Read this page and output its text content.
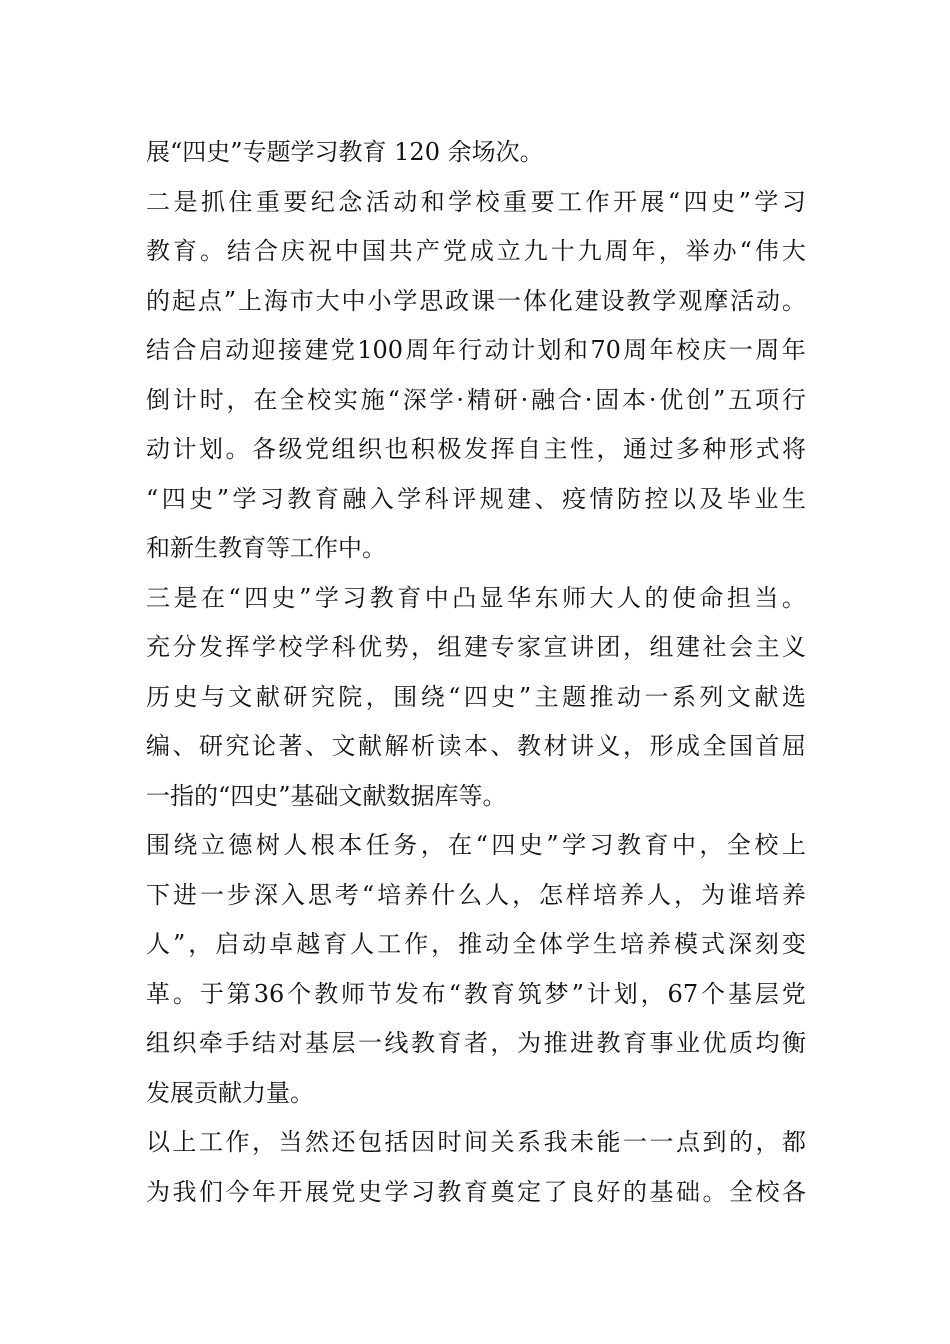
展“四史”专题学习教育 120 余场次。
二 是 抓 住 重 要 纪 念 活 动 和 学 校 重 要 工 作 开 展 “ 四 史 ” 学 习
教 育 。 结 合 庆 祝 中 国 共 产 党 成 立 九 十 九 周 年 ， 举 办 “ 伟 大
的 起 点 ” 上 海 市 大 中 小 学 思 政 课 一 体 化 建 设 教 学 观 摩 活 动 。
结 合 启 动 迎 接 建 党 100 周 年 行 动 计 划 和 70 周 年 校 庆 一 周 年
倒 计 时 ， 在 全 校 实 施 “ 深 学 · 精 研 · 融 合 · 固 本 · 优 创 ” 五 项 行
动 计 划 。 各 级 党 组 织 也 积 极 发 挥 自 主 性 ， 通 过 多 种 形 式 将
“ 四 史 ” 学 习 教 育 融 入 学 科 评 规 建 、 疫 情 防 控 以 及 毕 业 生
和新生教育等工作中。
三 是 在 “ 四 史 ” 学 习 教 育 中 凸 显 华 东 师 大 人 的 使 命 担 当 。
充 分 发 挥 学 校 学 科 优 势 ， 组 建 专 家 宣 讲 团 ， 组 建 社 会 主 义
历 史 与 文 献 研 究 院 ， 围 绕 “ 四 史 ” 主 题 推 动 一 系 列 文 献 选
编 、 研 究 论 著 、 文 献 解 析 读 本 、 教 材 讲 义 ， 形 成 全 国 首 屈
一指的“四史”基础文献数据库等。
围 绕 立 德 树 人 根 本 任 务 ， 在 “ 四 史 ” 学 习 教 育 中 ， 全 校 上
下 进 一 步 深 入 思 考 “ 培 养 什 么 人 ， 怎 样 培 养 人 ， 为 谁 培 养
人 ” ， 启 动 卓 越 育 人 工 作 ， 推 动 全 体 学 生 培 养 模 式 深 刻 变
革 。 于 第 36 个 教 师 节 发 布 “ 教 育 筑 梦 ” 计 划 ， 67 个 基 层 党
组 织 牵 手 结 对 基 层 一 线 教 育 者 ， 为 推 进 教 育 事 业 优 质 均 衡
发展贡献力量。
以 上 工 作 ， 当 然 还 包 括 因 时 间 关 系 我 未 能 一 一 点 到 的 ， 都
为 我 们 今 年 开 展 党 史 学 习 教 育 奠 定 了 良 好 的 基 础 。 全 校 各
